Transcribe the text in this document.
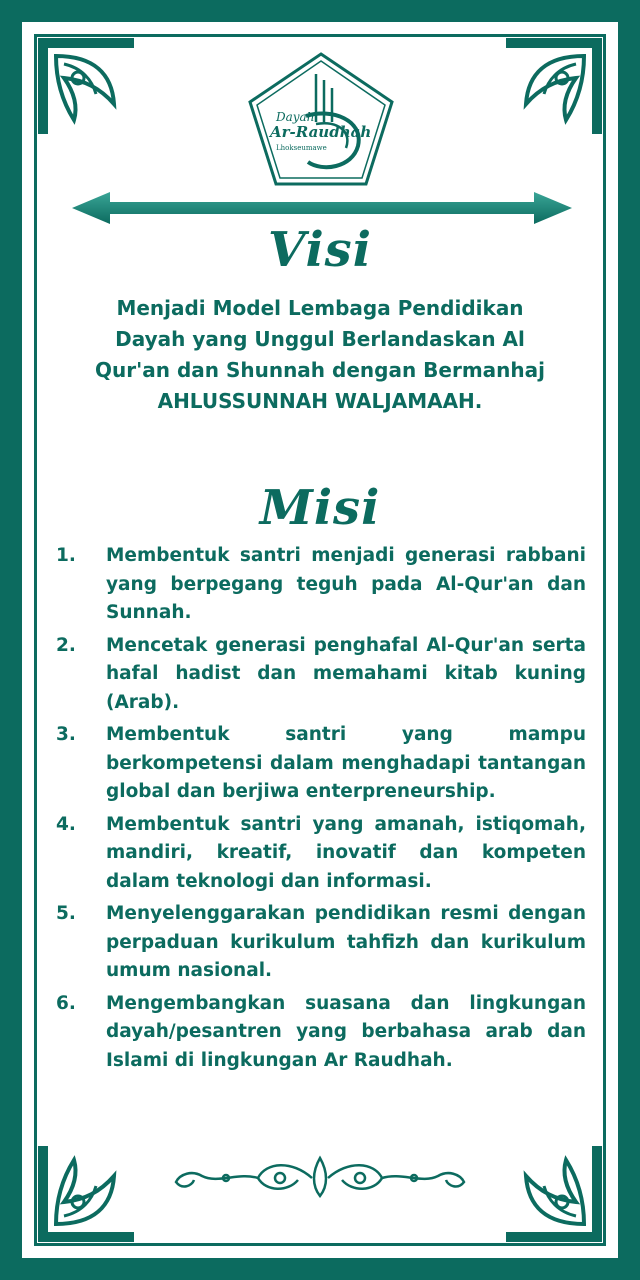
Dayah
Ar-Raudhah
Lhokseumawe
Visi
Menjadi Model Lembaga Pendidikan Dayah yang Unggul Berlandaskan Al Qur'an dan Shunnah dengan Bermanhaj AHLUSSUNNAH WALJAMAAH.
Misi
1. Membentuk santri menjadi generasi rabbani yang berpegang teguh pada Al-Qur'an dan Sunnah.
2. Mencetak generasi penghafal Al-Qur'an serta hafal hadist dan memahami kitab kuning (Arab).
3. Membentuk santri yang mampu berkompetensi dalam menghadapi tantangan global dan berjiwa enterpreneurship.
4. Membentuk santri yang amanah, istiqomah, mandiri, kreatif, inovatif dan kompeten dalam teknologi dan informasi.
5. Menyelenggarakan pendidikan resmi dengan perpaduan kurikulum tahfizh dan kurikulum umum nasional.
6. Mengembangkan suasana dan lingkungan dayah/pesantren yang berbahasa arab dan Islami di lingkungan Ar Raudhah.
